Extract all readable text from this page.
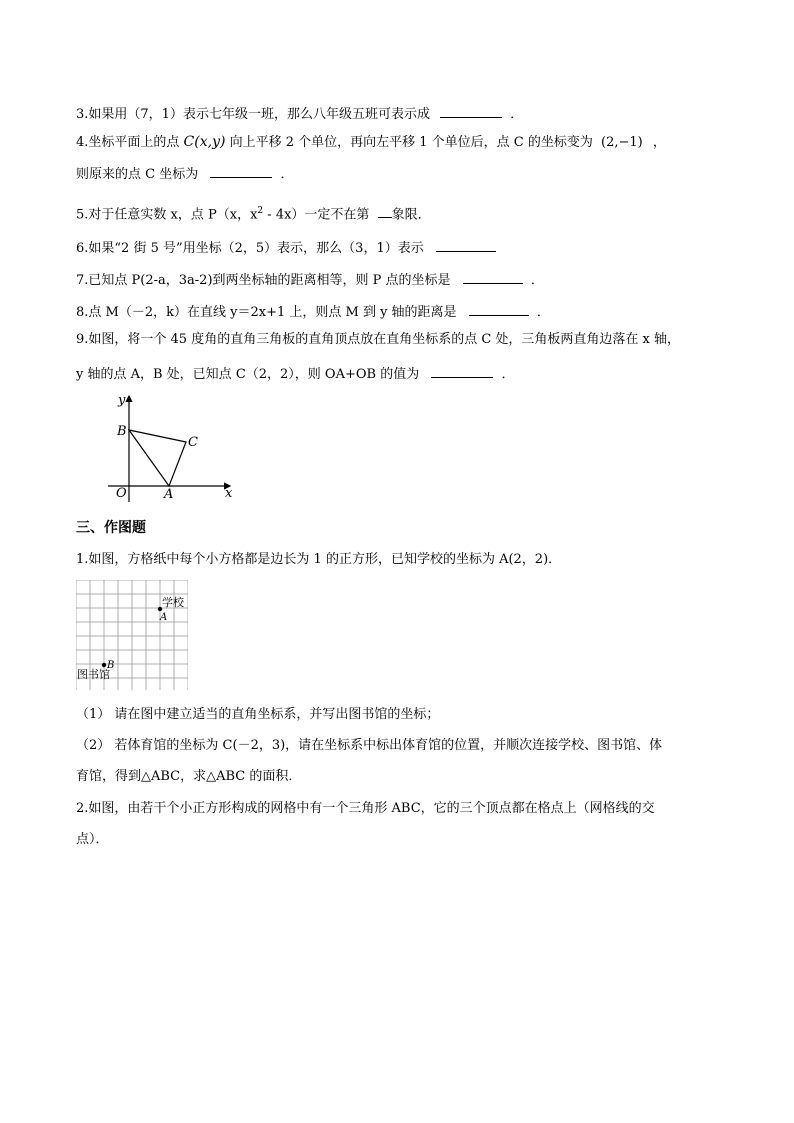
3.如果用（7，1）表示七年级一班，那么八年级五班可表示成	．
4.坐标平面上的点 C(x,y) 向上平移 2 个单位，再向左平移 1 个单位后，点 C 的坐标变为 (2,−1) ，
则原来的点 C 坐标为	．
5.对于任意实数 x，点 P（x，$x^2 - 4x$）一定不在第 象限．
6.如果“2 街 5 号”用坐标（2，5）表示，那么（3，1）表示
7.已知点 P(2-a，3a-2)到两坐标轴的距离相等，则 P 点的坐标是	．
8.点 M（－2，k）在直线 y＝2x+1 上，则点 M 到 y 轴的距离是	．
9.如图，将一个 45 度角的直角三角板的直角顶点放在直角坐标系的点 C 处，三角板两直角边落在 x 轴，
y 轴的点 A，B 处，已知点 C（2，2），则 OA+OB 的值为	．
y
x
B
C
O	A
三、作图题
1.如图，方格纸中每个小方格都是边长为 1 的正方形，已知学校的坐标为 A(2，2)．
学校
A
B
图书馆
（1） 请在图中建立适当的直角坐标系，并写出图书馆的坐标；
（2） 若体育馆的坐标为 C(－2，3)，请在坐标系中标出体育馆的位置，并顺次连接学校、图书馆、体
育馆，得到△ABC，求△ABC 的面积．
2.如图，由若干个小正方形构成的网格中有一个三角形 ABC，它的三个顶点都在格点上（网格线的交
点）．
